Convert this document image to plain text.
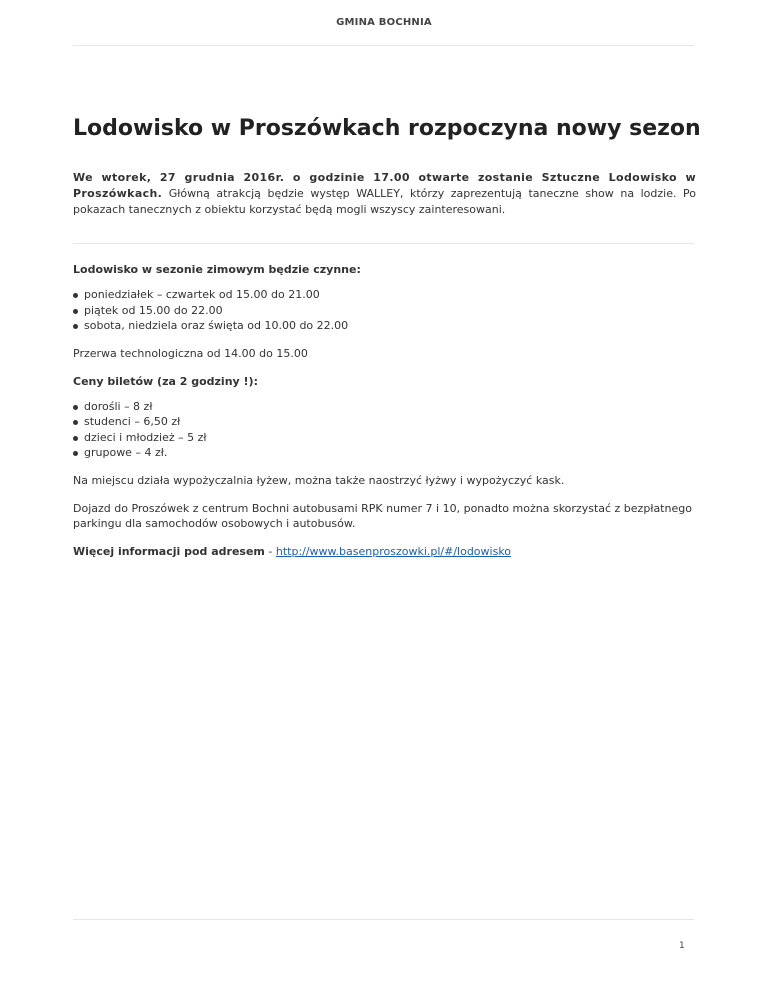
GMINA BOCHNIA
Lodowisko w Proszówkach rozpoczyna nowy sezon

We wtorek, 27 grudnia 2016r. o godzinie 17.00 otwarte zostanie Sztuczne Lodowisko w Proszówkach. Główną atrakcją będzie występ WALLEY, którzy zaprezentują taneczne show na lodzie. Po pokazach tanecznych z obiektu korzystać będą mogli wszyscy zainteresowani.

Lodowisko w sezonie zimowym będzie czynne:

poniedziałek – czwartek od 15.00 do 21.00
piątek od 15.00 do 22.00
sobota, niedziela oraz święta od 10.00 do 22.00

Przerwa technologiczna od 14.00 do 15.00

Ceny biletów (za 2 godziny !):

dorośli – 8 zł
studenci – 6,50 zł
dzieci i młodzież – 5 zł
grupowe – 4 zł.

Na miejscu działa wypożyczalnia łyżew, można także naostrzyć łyżwy i wypożyczyć kask.

Dojazd do Proszówek z centrum Bochni autobusami RPK numer 7 i 10, ponadto można skorzystać z bezpłatnego parkingu dla samochodów osobowych i autobusów.

Więcej informacji pod adresem - http://www.basenproszowki.pl/#/lodowisko

1
